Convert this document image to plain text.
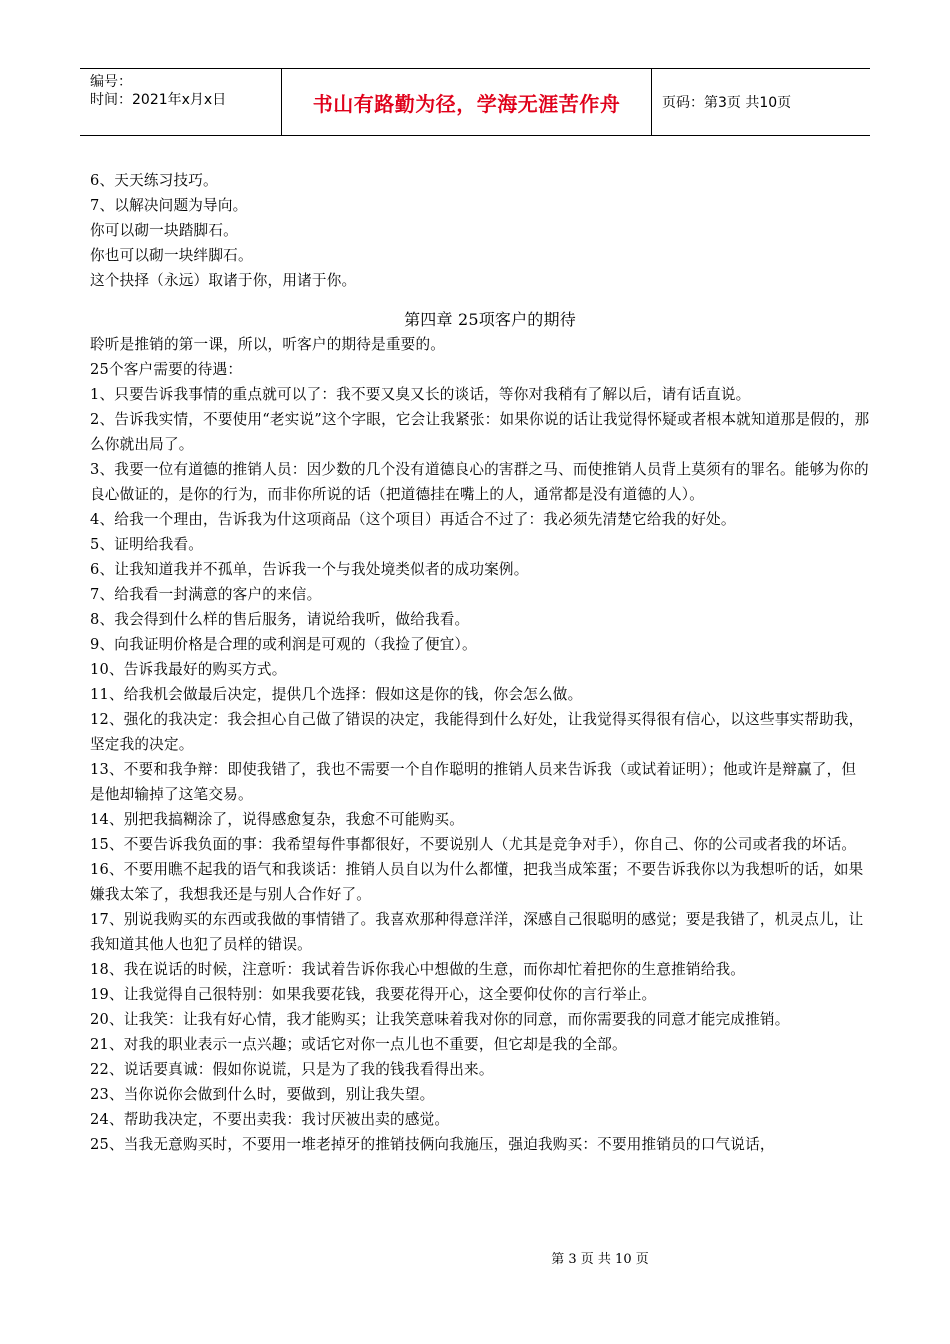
编号：
时间：2021年x月x日	书山有路勤为径，学海无涯苦作舟	页码：第3页 共10页

6、天天练习技巧。

7、以解决问题为导向。

你可以砌一块踏脚石。

你也可以砌一块绊脚石。

这个抉择（永远）取诸于你，用诸于你。

第四章 25项客户的期待

聆听是推销的第一课，所以，听客户的期待是重要的。

25个客户需要的待遇：

1、只要告诉我事情的重点就可以了：我不要又臭又长的谈话，等你对我稍有了解以后，请有话直说。

2、告诉我实情，不要使用“老实说”这个字眼，它会让我紧张：如果你说的话让我觉得怀疑或者根本就知道那是假的，那么你就出局了。

3、我要一位有道德的推销人员：因少数的几个没有道德良心的害群之马、而使推销人员背上莫须有的罪名。能够为你的良心做证的，是你的行为，而非你所说的话（把道德挂在嘴上的人，通常都是没有道德的人）。

4、给我一个理由，告诉我为什这项商品（这个项目）再适合不过了：我必须先清楚它给我的好处。

5、证明给我看。

6、让我知道我并不孤单，告诉我一个与我处境类似者的成功案例。

7、给我看一封满意的客户的来信。

8、我会得到什么样的售后服务，请说给我听，做给我看。

9、向我证明价格是合理的或利润是可观的（我捡了便宜）。

10、告诉我最好的购买方式。

11、给我机会做最后决定，提供几个选择：假如这是你的钱，你会怎么做。

12、强化的我决定：我会担心自己做了错误的决定，我能得到什么好处，让我觉得买得很有信心，以这些事实帮助我，坚定我的决定。

13、不要和我争辩：即使我错了，我也不需要一个自作聪明的推销人员来告诉我（或试着证明）；他或许是辩赢了，但是他却输掉了这笔交易。

14、别把我搞糊涂了，说得感愈复杂，我愈不可能购买。

15、不要告诉我负面的事：我希望每件事都很好，不要说别人（尤其是竞争对手），你自己、你的公司或者我的坏话。

16、不要用瞧不起我的语气和我谈话：推销人员自以为什么都懂，把我当成笨蛋；不要告诉我你以为我想听的话，如果嫌我太笨了，我想我还是与别人合作好了。

17、别说我购买的东西或我做的事情错了。我喜欢那种得意洋洋，深感自己很聪明的感觉；要是我错了，机灵点儿，让我知道其他人也犯了员样的错误。

18、我在说话的时候，注意听：我试着告诉你我心中想做的生意，而你却忙着把你的生意推销给我。

19、让我觉得自己很特别：如果我要花钱，我要花得开心，这全要仰仗你的言行举止。

20、让我笑：让我有好心情，我才能购买；让我笑意味着我对你的同意，而你需要我的同意才能完成推销。

21、对我的职业表示一点兴趣；或话它对你一点儿也不重要，但它却是我的全部。

22、说话要真诚：假如你说谎，只是为了我的钱我看得出来。

23、当你说你会做到什么时，要做到，别让我失望。

24、帮助我决定，不要出卖我：我讨厌被出卖的感觉。

25、当我无意购买时，不要用一堆老掉牙的推销技俩向我施压，强迫我购买：不要用推销员的口气说话，

第 3 页 共 10 页
